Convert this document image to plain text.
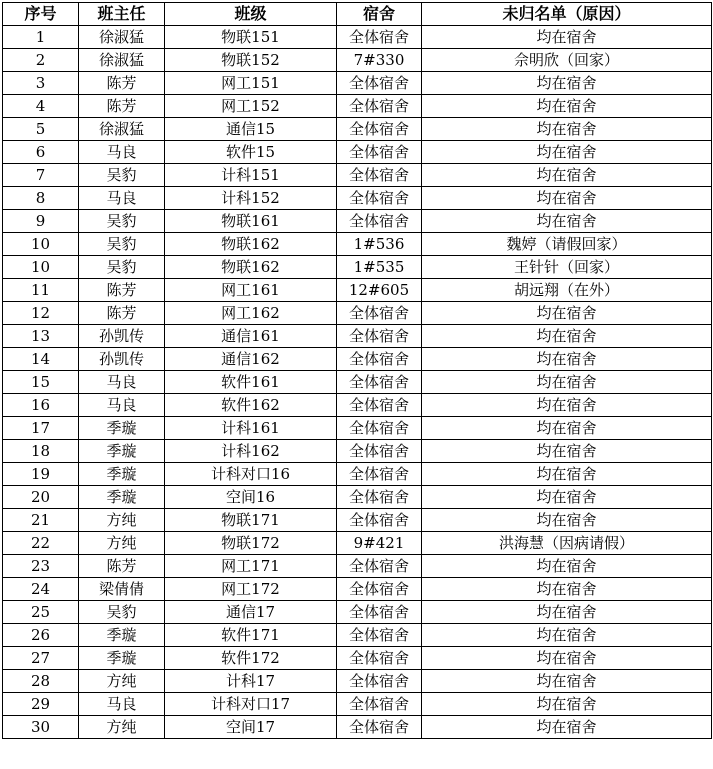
序号	班主任	班级	宿舍	未归名单（原因）
1	徐淑猛	物联151	全体宿舍	均在宿舍
2	徐淑猛	物联152	7#330	佘明欣（回家）
3	陈芳	网工151	全体宿舍	均在宿舍
4	陈芳	网工152	全体宿舍	均在宿舍
5	徐淑猛	通信15	全体宿舍	均在宿舍
6	马良	软件15	全体宿舍	均在宿舍
7	吴豹	计科151	全体宿舍	均在宿舍
8	马良	计科152	全体宿舍	均在宿舍
9	吴豹	物联161	全体宿舍	均在宿舍
10	吴豹	物联162	1#536	魏婷（请假回家）
10	吴豹	物联162	1#535	王针针（回家）
11	陈芳	网工161	12#605	胡远翔（在外）
12	陈芳	网工162	全体宿舍	均在宿舍
13	孙凯传	通信161	全体宿舍	均在宿舍
14	孙凯传	通信162	全体宿舍	均在宿舍
15	马良	软件161	全体宿舍	均在宿舍
16	马良	软件162	全体宿舍	均在宿舍
17	季璇	计科161	全体宿舍	均在宿舍
18	季璇	计科162	全体宿舍	均在宿舍
19	季璇	计科对口16	全体宿舍	均在宿舍
20	季璇	空间16	全体宿舍	均在宿舍
21	方纯	物联171	全体宿舍	均在宿舍
22	方纯	物联172	9#421	洪海慧（因病请假）
23	陈芳	网工171	全体宿舍	均在宿舍
24	梁倩倩	网工172	全体宿舍	均在宿舍
25	吴豹	通信17	全体宿舍	均在宿舍
26	季璇	软件171	全体宿舍	均在宿舍
27	季璇	软件172	全体宿舍	均在宿舍
28	方纯	计科17	全体宿舍	均在宿舍
29	马良	计科对口17	全体宿舍	均在宿舍
30	方纯	空间17	全体宿舍	均在宿舍
